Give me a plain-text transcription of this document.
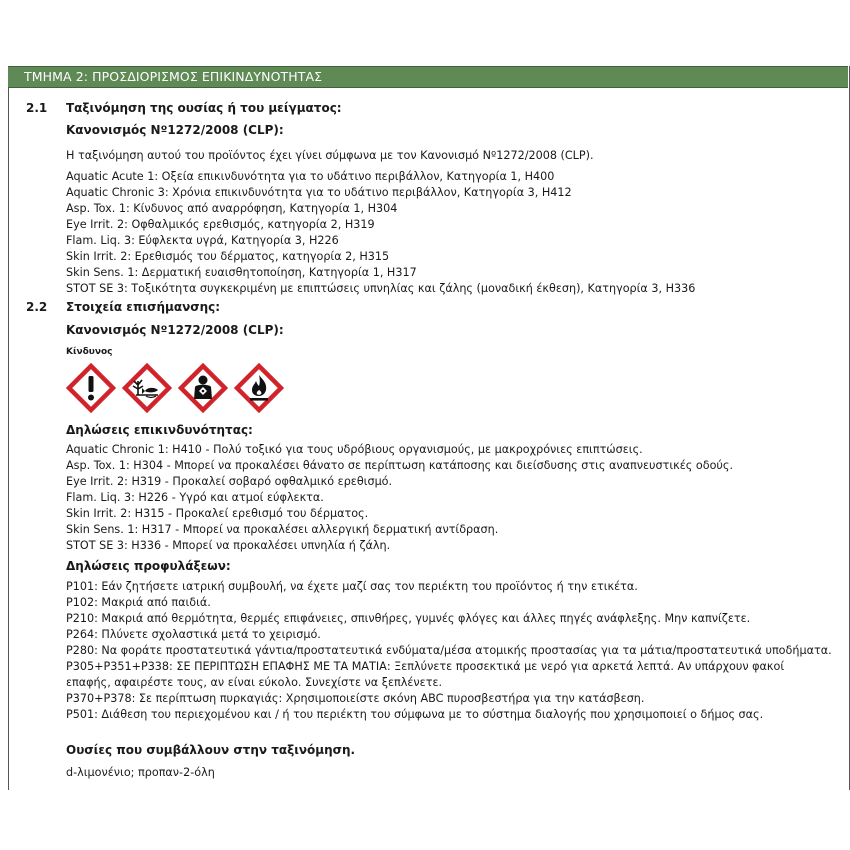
ΤΜΗΜΑ 2: ΠΡΟΣΔΙΟΡΙΣΜΟΣ ΕΠΙΚΙΝΔΥΝΟΤΗΤΑΣ
2.1 Ταξινόμηση της ουσίας ή του μείγματος:
Κανονισμός Νº1272/2008 (CLP):
Η ταξινόμηση αυτού του προϊόντος έχει γίνει σύμφωνα με τον Κανονισμό Νº1272/2008 (CLP).
Aquatic Acute 1: Οξεία επικινδυνότητα για το υδάτινο περιβάλλον, Κατηγορία 1, H400
Aquatic Chronic 3: Χρόνια επικινδυνότητα για το υδάτινο περιβάλλον, Κατηγορία 3, H412
Asp. Tox. 1: Κίνδυνος από αναρρόφηση, Κατηγορία 1, H304
Eye Irrit. 2: Οφθαλμικός ερεθισμός, κατηγορία 2, H319
Flam. Liq. 3: Εύφλεκτα υγρά, Κατηγορία 3, H226
Skin Irrit. 2: Ερεθισμός του δέρματος, κατηγορία 2, H315
Skin Sens. 1: Δερματική ευαισθητοποίηση, Κατηγορία 1, H317
STOT SE 3: Τοξικότητα συγκεκριμένη με επιπτώσεις υπνηλίας και ζάλης (μοναδική έκθεση), Κατηγορία 3, H336
2.2 Στοιχεία επισήμανσης:
Κανονισμός Νº1272/2008 (CLP):
Κίνδυνος
Δηλώσεις επικινδυνότητας:
Aquatic Chronic 1: H410 - Πολύ τοξικό για τους υδρόβιους οργανισμούς, με μακροχρόνιες επιπτώσεις.
Asp. Tox. 1: H304 - Μπορεί να προκαλέσει θάνατο σε περίπτωση κατάποσης και διείσδυσης στις αναπνευστικές οδούς.
Eye Irrit. 2: H319 - Προκαλεί σοβαρό οφθαλμικό ερεθισμό.
Flam. Liq. 3: H226 - Υγρό και ατμοί εύφλεκτα.
Skin Irrit. 2: H315 - Προκαλεί ερεθισμό του δέρματος.
Skin Sens. 1: H317 - Μπορεί να προκαλέσει αλλεργική δερματική αντίδραση.
STOT SE 3: H336 - Μπορεί να προκαλέσει υπνηλία ή ζάλη.
Δηλώσεις προφυλάξεων:
P101: Εάν ζητήσετε ιατρική συμβουλή, να έχετε μαζί σας τον περιέκτη του προϊόντος ή την ετικέτα.
P102: Μακριά από παιδιά.
P210: Μακριά από θερμότητα, θερμές επιφάνειες, σπινθήρες, γυμνές φλόγες και άλλες πηγές ανάφλεξης. Μην καπνίζετε.
P264: Πλύνετε σχολαστικά μετά το χειρισμό.
P280: Να φοράτε προστατευτικά γάντια/προστατευτικά ενδύματα/μέσα ατομικής προστασίας για τα μάτια/προστατευτικά υποδήματα.
P305+P351+P338: ΣΕ ΠΕΡΙΠΤΩΣΗ ΕΠΑΦΗΣ ΜΕ ΤΑ ΜΑΤΙΑ: Ξεπλύνετε προσεκτικά με νερό για αρκετά λεπτά. Αν υπάρχουν φακοί
επαφής, αφαιρέστε τους, αν είναι εύκολο. Συνεχίστε να ξεπλένετε.
P370+P378: Σε περίπτωση πυρκαγιάς: Χρησιμοποιείστε σκόνη ABC πυροσβεστήρα για την κατάσβεση.
P501: Διάθεση του περιεχομένου και / ή του περιέκτη του σύμφωνα με το σύστημα διαλογής που χρησιμοποιεί ο δήμος σας.
Ουσίες που συμβάλλουν στην ταξινόμηση.
d-λιμονένιο; προπαν-2-όλη
